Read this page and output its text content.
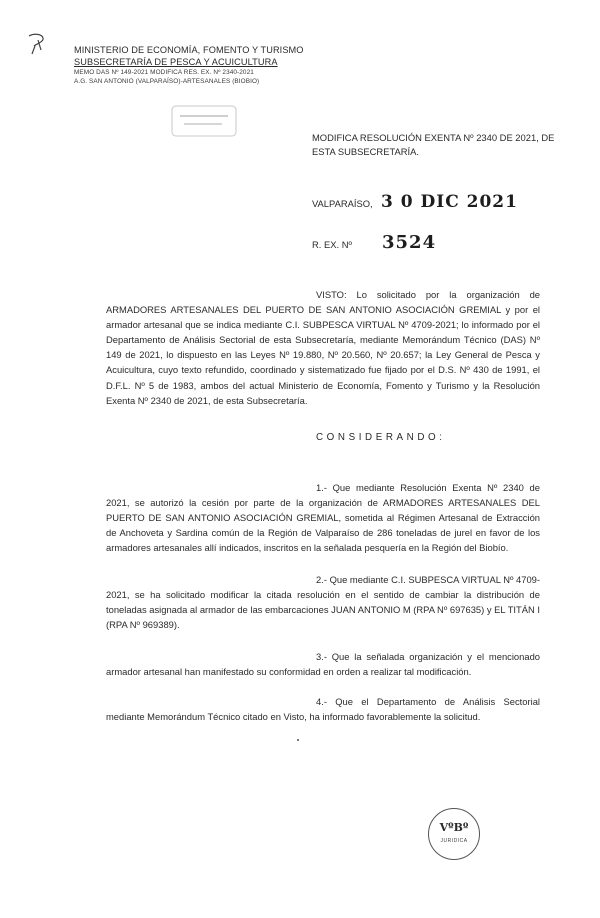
MINISTERIO DE ECONOMÍA, FOMENTO Y TURISMO
SUBSECRETARÍA DE PESCA Y ACUICULTURA
MEMO DAS Nº 149-2021 MODIFICA RES. EX. Nº 2340-2021
A.G. SAN ANTONIO (VALPARAÍSO)-ARTESANALES (BIOBIO)
MODIFICA RESOLUCIÓN EXENTA Nº 2340 DE 2021, DE
ESTA SUBSECRETARÍA.
VALPARAÍSO, 3 0 DIC 2021
R. EX. Nº 3524
VISTO: Lo solicitado por la organización de ARMADORES ARTESANALES DEL PUERTO DE SAN ANTONIO ASOCIACIÓN GREMIAL y por el armador artesanal que se indica mediante C.I. SUBPESCA VIRTUAL Nº 4709-2021; lo informado por el Departamento de Análisis Sectorial de esta Subsecretaría, mediante Memorándum Técnico (DAS) Nº 149 de 2021, lo dispuesto en las Leyes Nº 19.880, Nº 20.560, Nº 20.657; la Ley General de Pesca y Acuicultura, cuyo texto refundido, coordinado y sistematizado fue fijado por el D.S. Nº 430 de 1991, el D.F.L. Nº 5 de 1983, ambos del actual Ministerio de Economía, Fomento y Turismo y la Resolución Exenta Nº 2340 de 2021, de esta Subsecretaría.
CONSIDERANDO:
1.- Que mediante Resolución Exenta Nº 2340 de 2021, se autorizó la cesión por parte de la organización de ARMADORES ARTESANALES DEL PUERTO DE SAN ANTONIO ASOCIACIÓN GREMIAL, sometida al Régimen Artesanal de Extracción de Anchoveta y Sardina común de la Región de Valparaíso de 286 toneladas de jurel en favor de los armadores artesanales allí indicados, inscritos en la señalada pesquería en la Región del Biobío.
2.- Que mediante C.I. SUBPESCA VIRTUAL Nº 4709-2021, se ha solicitado modificar la citada resolución en el sentido de cambiar la distribución de toneladas asignada al armador de las embarcaciones JUAN ANTONIO M (RPA Nº 697635) y EL TITÁN I (RPA Nº 969389).
3.- Que la señalada organización y el mencionado armador artesanal han manifestado su conformidad en orden a realizar tal modificación.
4.- Que el Departamento de Análisis Sectorial mediante Memorándum Técnico citado en Visto, ha informado favorablemente la solicitud.
VºBº
JURIDICA
